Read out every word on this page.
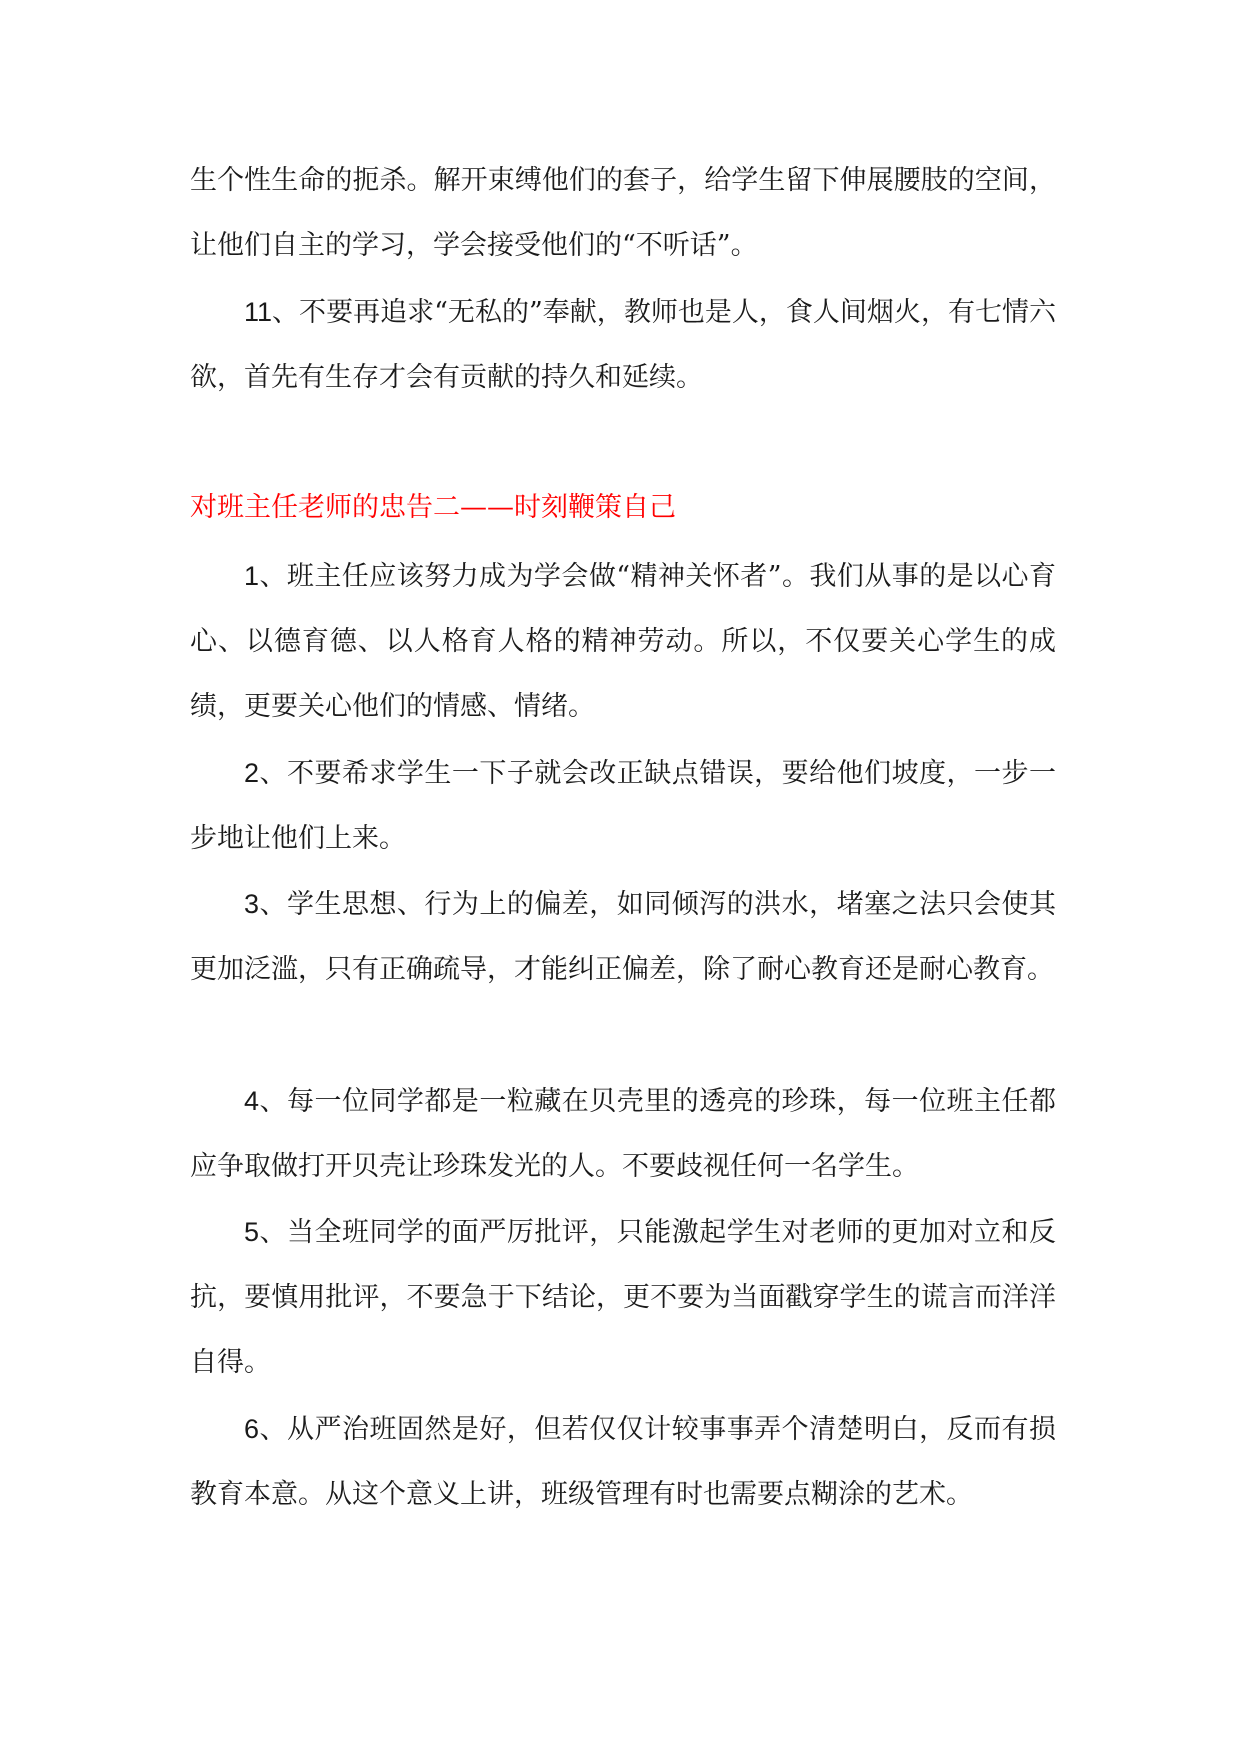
生个性生命的扼杀。解开束缚他们的套子，给学生留下伸展腰肢的空间，让他们自主的学习，学会接受他们的“不听话”。

11、不要再追求“无私的”奉献，教师也是人，食人间烟火，有七情六欲，首先有生存才会有贡献的持久和延续。

对班主任老师的忠告二——时刻鞭策自己

1、班主任应该努力成为学会做“精神关怀者”。我们从事的是以心育心、以德育德、以人格育人格的精神劳动。所以，不仅要关心学生的成绩，更要关心他们的情感、情绪。

2、不要希求学生一下子就会改正缺点错误，要给他们坡度，一步一步地让他们上来。

3、学生思想、行为上的偏差，如同倾泻的洪水，堵塞之法只会使其更加泛滥，只有正确疏导，才能纠正偏差，除了耐心教育还是耐心教育。

4、每一位同学都是一粒藏在贝壳里的透亮的珍珠，每一位班主任都应争取做打开贝壳让珍珠发光的人。不要歧视任何一名学生。

5、当全班同学的面严厉批评，只能激起学生对老师的更加对立和反抗，要慎用批评，不要急于下结论，更不要为当面戳穿学生的谎言而洋洋自得。

6、从严治班固然是好，但若仅仅计较事事弄个清楚明白，反而有损教育本意。从这个意义上讲，班级管理有时也需要点糊涂的艺术。
